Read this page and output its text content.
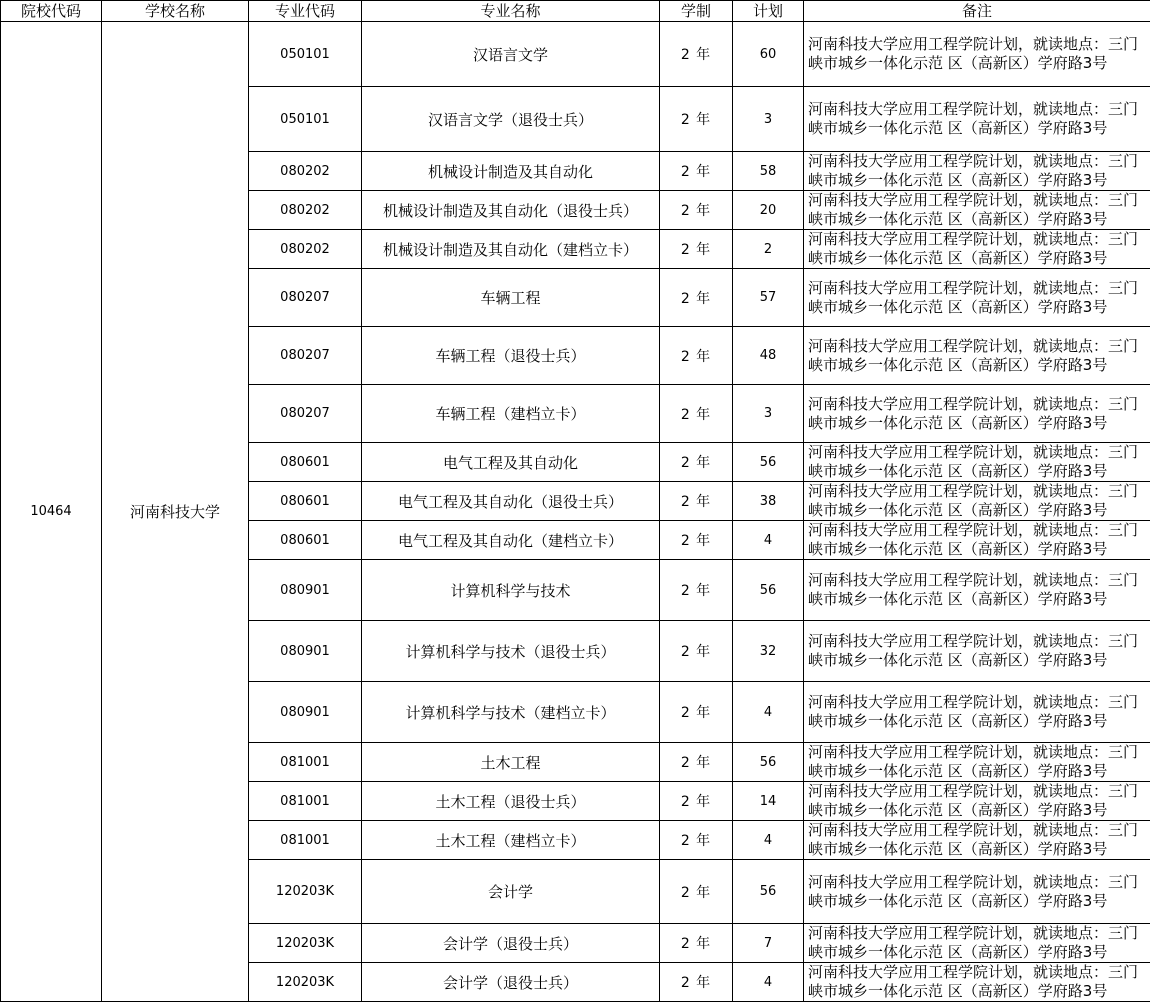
院校代码	学校名称	专业代码	专业名称	学制	计划	备注
10464	河南科技大学	050101	汉语言文学	2 年	60	河南科技大学应用工程学院计划，就读地点：三门峡市城乡一体化示范 区（高新区）学府路3号
		050101	汉语言文学（退役士兵）	2 年	3	河南科技大学应用工程学院计划，就读地点：三门峡市城乡一体化示范 区（高新区）学府路3号
		080202	机械设计制造及其自动化	2 年	58	河南科技大学应用工程学院计划，就读地点：三门峡市城乡一体化示范 区（高新区）学府路3号
		080202	机械设计制造及其自动化（退役士兵）	2 年	20	河南科技大学应用工程学院计划，就读地点：三门峡市城乡一体化示范 区（高新区）学府路3号
		080202	机械设计制造及其自动化（建档立卡）	2 年	2	河南科技大学应用工程学院计划，就读地点：三门峡市城乡一体化示范 区（高新区）学府路3号
		080207	车辆工程	2 年	57	河南科技大学应用工程学院计划，就读地点：三门峡市城乡一体化示范 区（高新区）学府路3号
		080207	车辆工程（退役士兵）	2 年	48	河南科技大学应用工程学院计划，就读地点：三门峡市城乡一体化示范 区（高新区）学府路3号
		080207	车辆工程（建档立卡）	2 年	3	河南科技大学应用工程学院计划，就读地点：三门峡市城乡一体化示范 区（高新区）学府路3号
		080601	电气工程及其自动化	2 年	56	河南科技大学应用工程学院计划，就读地点：三门峡市城乡一体化示范 区（高新区）学府路3号
		080601	电气工程及其自动化（退役士兵）	2 年	38	河南科技大学应用工程学院计划，就读地点：三门峡市城乡一体化示范 区（高新区）学府路3号
		080601	电气工程及其自动化（建档立卡）	2 年	4	河南科技大学应用工程学院计划，就读地点：三门峡市城乡一体化示范 区（高新区）学府路3号
		080901	计算机科学与技术	2 年	56	河南科技大学应用工程学院计划，就读地点：三门峡市城乡一体化示范 区（高新区）学府路3号
		080901	计算机科学与技术（退役士兵）	2 年	32	河南科技大学应用工程学院计划，就读地点：三门峡市城乡一体化示范 区（高新区）学府路3号
		080901	计算机科学与技术（建档立卡）	2 年	4	河南科技大学应用工程学院计划，就读地点：三门峡市城乡一体化示范 区（高新区）学府路3号
		081001	土木工程	2 年	56	河南科技大学应用工程学院计划，就读地点：三门峡市城乡一体化示范 区（高新区）学府路3号
		081001	土木工程（退役士兵）	2 年	14	河南科技大学应用工程学院计划，就读地点：三门峡市城乡一体化示范 区（高新区）学府路3号
		081001	土木工程（建档立卡）	2 年	4	河南科技大学应用工程学院计划，就读地点：三门峡市城乡一体化示范 区（高新区）学府路3号
		120203K	会计学	2 年	56	河南科技大学应用工程学院计划，就读地点：三门峡市城乡一体化示范 区（高新区）学府路3号
		120203K	会计学（退役士兵）	2 年	7	河南科技大学应用工程学院计划，就读地点：三门峡市城乡一体化示范 区（高新区）学府路3号
		120203K	会计学（退役士兵）	2 年	4	河南科技大学应用工程学院计划，就读地点：三门峡市城乡一体化示范 区（高新区）学府路3号
